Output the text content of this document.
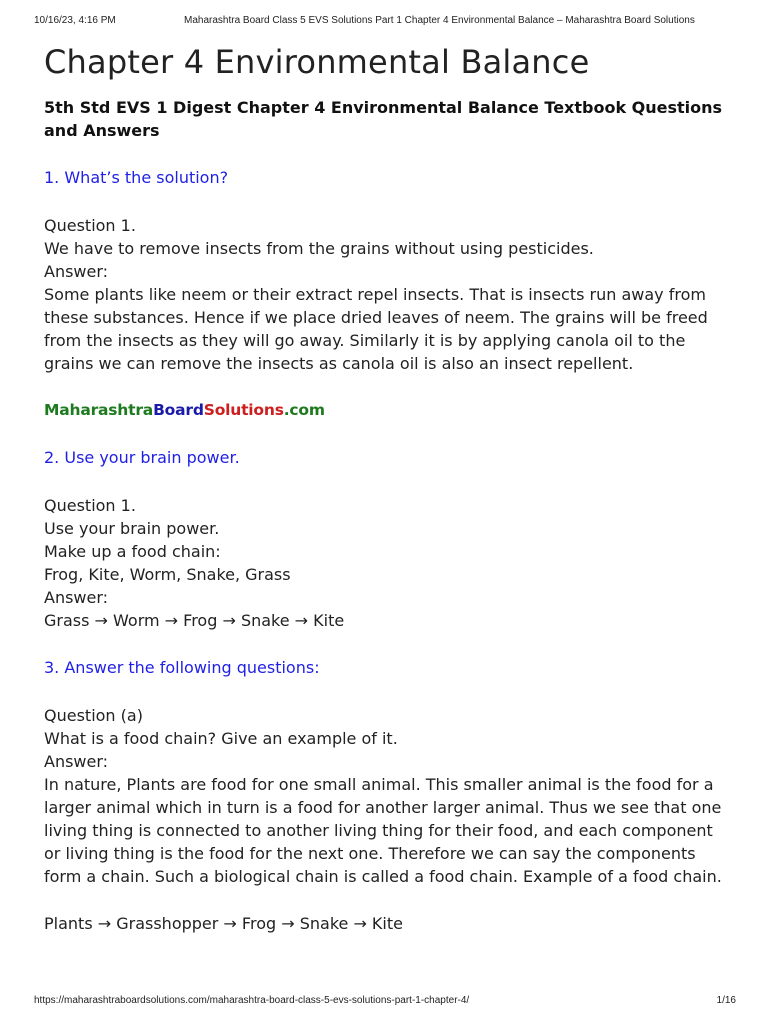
10/16/23, 4:16 PM	Maharashtra Board Class 5 EVS Solutions Part 1 Chapter 4 Environmental Balance – Maharashtra Board Solutions
Chapter 4 Environmental Balance

5th Std EVS 1 Digest Chapter 4 Environmental Balance Textbook Questions and Answers

1. What’s the solution?

Question 1.

We have to remove insects from the grains without using pesticides.

Answer:

Some plants like neem or their extract repel insects. That is insects run away from these substances. Hence if we place dried leaves of neem. The grains will be freed from the insects as they will go away. Similarly it is by applying canola oil to the grains we can remove the insects as canola oil is also an insect repellent.

MaharashtraBoardSolutions.com

2. Use your brain power.

Question 1.

Use your brain power.

Make up a food chain:

Frog, Kite, Worm, Snake, Grass

Answer:

Grass → Worm → Frog → Snake → Kite

3. Answer the following questions:

Question (a)

What is a food chain? Give an example of it.

Answer:

In nature, Plants are food for one small animal. This smaller animal is the food for a larger animal which in turn is a food for another larger animal. Thus we see that one living thing is connected to another living thing for their food, and each component or living thing is the food for the next one. Therefore we can say the components form a chain. Such a biological chain is called a food chain. Example of a food chain.

Plants → Grasshopper → Frog → Snake → Kite

https://maharashtraboardsolutions.com/maharashtra-board-class-5-evs-solutions-part-1-chapter-4/	1/16
